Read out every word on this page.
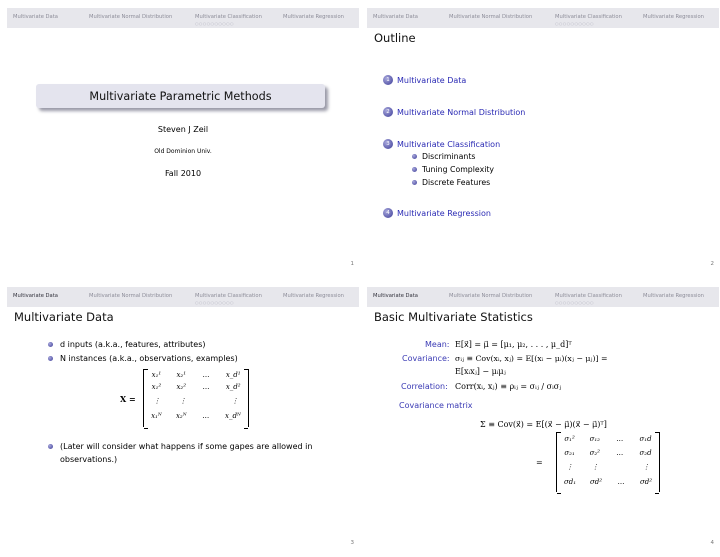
Multivariate Data	Multivariate Normal Distribution	Multivariate Classification
○○○○○○○○○○
Multivariate Regression
Multivariate Parametric Methods
Steven J Zeil
Old Dominion Univ.
Fall 2010
1
Multivariate Data	Multivariate Normal Distribution	Multivariate Classification
○○○○○○○○○○
Multivariate Regression
Outline
1 Multivariate Data
2 Multivariate Normal Distribution
3 Multivariate Classification
Discriminants
Tuning Complexity
Discrete Features
4 Multivariate Regression
2
Multivariate Data	Multivariate Normal Distribution	Multivariate Classification
○○○○○○○○○○
Multivariate Regression
Multivariate Data
d inputs (a.k.a., features, attributes)
N instances (a.k.a., observations, examples)
X =
x₁¹ x₂¹ … x_d¹
x₁² x₂² … x_d²
⋮	⋮	⋮
x₁ᴺ x₂ᴺ … x_dᴺ
(Later will consider what happens if some gapes are allowed in
observations.)
3
Multivariate Data	Multivariate Normal Distribution	Multivariate Classification
○○○○○○○○○○
Multivariate Regression
Basic Multivariate Statistics
Mean: E[x⃗] = μ⃗ = [μ₁, μ₂, . . . , μ_d]ᵀ
Covariance: σᵢⱼ ≡ Cov(xᵢ, xⱼ) = E[(xᵢ − μᵢ)(xⱼ − μⱼ)] =
E[xᵢxⱼ] − μᵢμⱼ
Correlation: Corr(xᵢ, xⱼ) ≡ ρᵢⱼ = σᵢⱼ / σᵢσⱼ
Covariance matrix
Σ ≡ Cov(x⃗) = E[(x⃗ − μ⃗)(x⃗ − μ⃗)ᵀ]
=
σ₁² σ₁₂ … σ₁d
σ₂₁ σ₂² … σ₂d
⋮	⋮	⋮
σd₁ σd² … σd²
4
